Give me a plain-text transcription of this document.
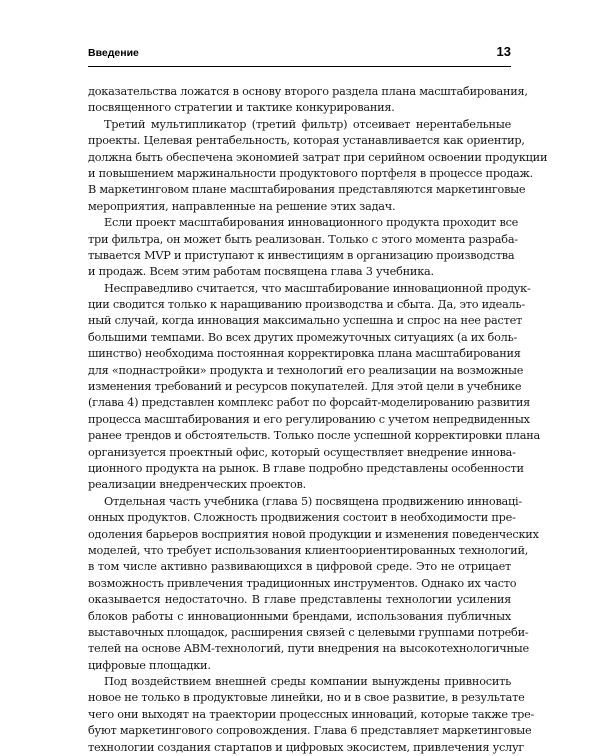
Введение	13
доказательства ложатся в основу второго раздела плана масштабирования,
посвященного стратегии и тактике конкурирования.
Третий мультипликатор (третий фильтр) отсеивает нерентабельные
проекты. Целевая рентабельность, которая устанавливается как ориентир,
должна быть обеспечена экономией затрат при серийном освоении продукции
и повышением маржинальности продуктового портфеля в процессе продаж.
В маркетинговом плане масштабирования представляются маркетинговые
мероприятия, направленные на решение этих задач.
Если проект масштабирования инновационного продукта проходит все
три фильтра, он может быть реализован. Только с этого момента разраба-
тывается MVP и приступают к инвестициям в организацию производства
и продаж. Всем этим работам посвящена глава 3 учебника.
Несправедливо считается, что масштабирование инновационной продук-
ции сводится только к наращиванию производства и сбыта. Да, это идеаль-
ный случай, когда инновация максимально успешна и спрос на нее растет
большими темпами. Во всех других промежуточных ситуациях (а их боль-
шинство) необходима постоянная корректировка плана масштабирования
для «поднастройки» продукта и технологий его реализации на возможные
изменения требований и ресурсов покупателей. Для этой цели в учебнике
(глава 4) представлен комплекс работ по форсайт-моделированию развития
процесса масштабирования и его регулированию с учетом непредвиденных
ранее трендов и обстоятельств. Только после успешной корректировки плана
организуется проектный офис, который осуществляет внедрение иннова-
ционного продукта на рынок. В главе подробно представлены особенности
реализации внедренческих проектов.
Отдельная часть учебника (глава 5) посвящена продвижению инновацi-
онных продуктов. Сложность продвижения состоит в необходимости пре-
одоления барьеров восприятия новой продукции и изменения поведенческих
моделей, что требует использования клиентоориентированных технологий,
в том числе активно развивающихся в цифровой среде. Это не отрицает
возможность привлечения традиционных инструментов. Однако их часто
оказывается недостаточно. В главе представлены технологии усиления
блоков работы с инновационными брендами, использования публичных
выставочных площадок, расширения связей с целевыми группами потреби-
телей на основе ABM-технологий, пути внедрения на высокотехнологичные
цифровые площадки.
Под воздействием внешней среды компании вынуждены привносить
новое не только в продуктовые линейки, но и в свое развитие, в результате
чего они выходят на траектории процессных инноваций, которые также тре-
буют маркетингового сопровождения. Глава 6 представляет маркетинговые
технологии создания стартапов и цифровых экосистем, привлечения услуг
